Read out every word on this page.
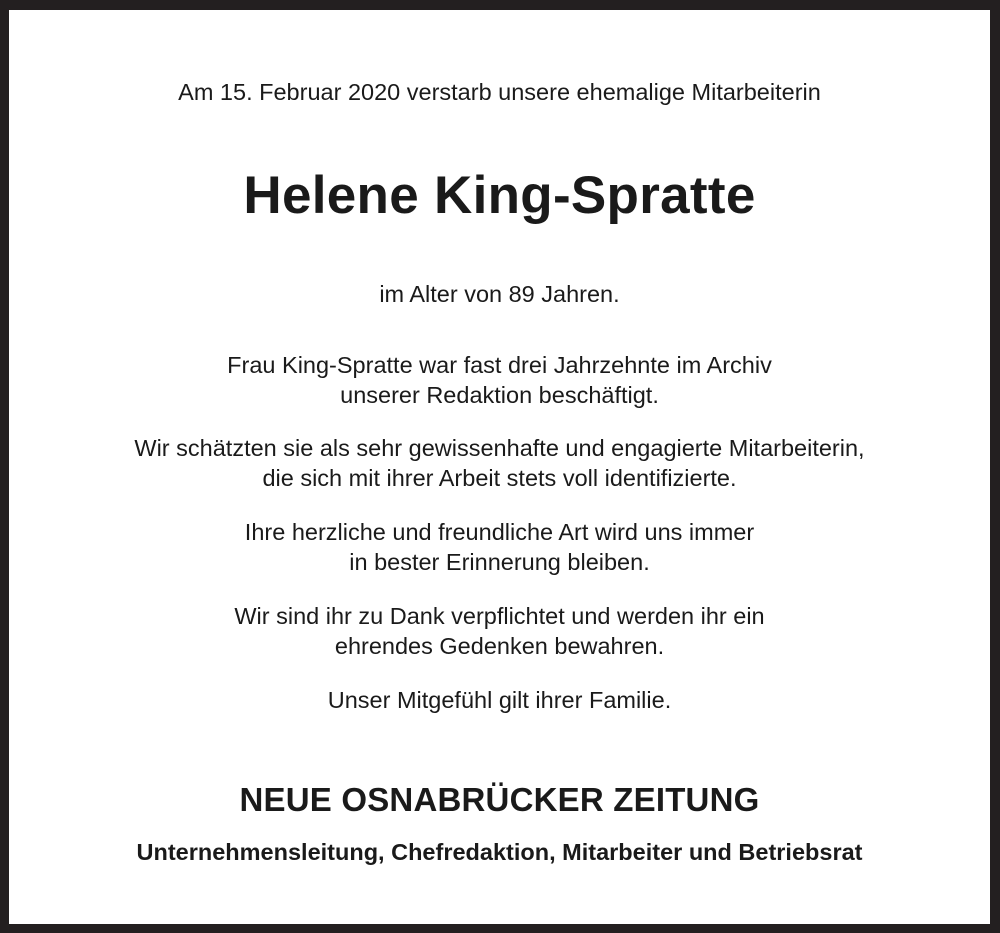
Am 15. Februar 2020 verstarb unsere ehemalige Mitarbeiterin

Helene King-Spratte

im Alter von 89 Jahren.

Frau King-Spratte war fast drei Jahrzehnte im Archiv
unserer Redaktion beschäftigt.

Wir schätzten sie als sehr gewissenhafte und engagierte Mitarbeiterin,
die sich mit ihrer Arbeit stets voll identifizierte.

Ihre herzliche und freundliche Art wird uns immer
in bester Erinnerung bleiben.

Wir sind ihr zu Dank verpflichtet und werden ihr ein
ehrendes Gedenken bewahren.

Unser Mitgefühl gilt ihrer Familie.

NEUE OSNABRÜCKER ZEITUNG

Unternehmensleitung, Chefredaktion, Mitarbeiter und Betriebsrat
